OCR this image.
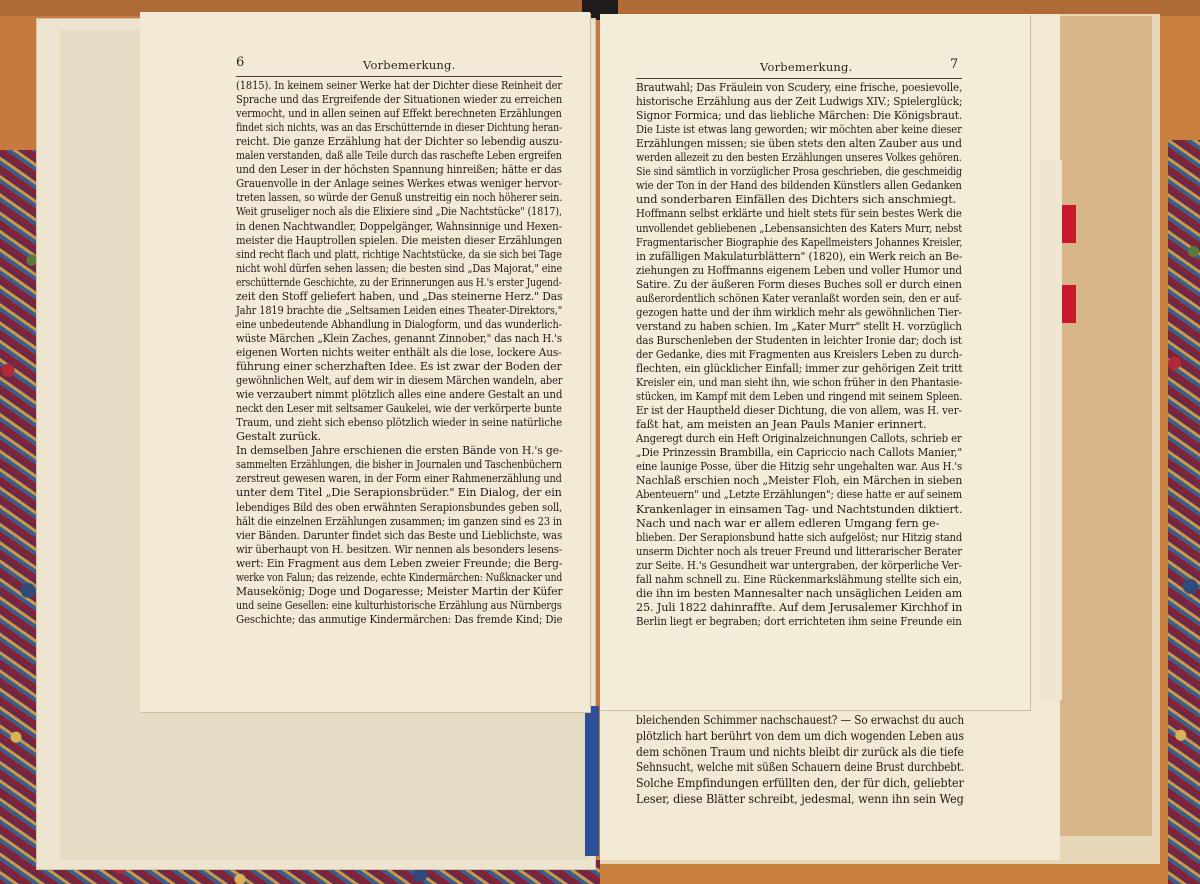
6	Vorbemerkung.
(1815). In keinem seiner Werke hat der Dichter diese Reinheit der
Sprache und das Ergreifende der Situationen wieder zu erreichen
vermocht, und in allen seinen auf Effekt berechneten Erzählungen
findet sich nichts, was an das Erschütternde in dieser Dichtung heran-
reicht. Die ganze Erzählung hat der Dichter so lebendig auszu-
malen verstanden, daß alle Teile durch das raschefte Leben ergreifen
und den Leser in der höchsten Spannung hinreißen; hätte er das
Grauenvolle in der Anlage seines Werkes etwas weniger hervor-
treten lassen, so würde der Genuß unstreitig ein noch höherer sein.
Weit gruseliger noch als die Elixiere sind „Die Nachtstücke" (1817),
in denen Nachtwandler, Doppelgänger, Wahnsinnige und Hexen-
meister die Hauptrollen spielen. Die meisten dieser Erzählungen
sind recht flach und platt, richtige Nachtstücke, da sie sich bei Tage
nicht wohl dürfen sehen lassen; die besten sind „Das Majorat," eine
erschütternde Geschichte, zu der Erinnerungen aus H.'s erster Jugend-
zeit den Stoff geliefert haben, und „Das steinerne Herz." Das
Jahr 1819 brachte die „Seltsamen Leiden eines Theater-Direktors,"
eine unbedeutende Abhandlung in Dialogform, und das wunderlich-
wüste Märchen „Klein Zaches, genannt Zinnober," das nach H.'s
eigenen Worten nichts weiter enthält als die lose, lockere Aus-
führung einer scherzhaften Idee. Es ist zwar der Boden der
gewöhnlichen Welt, auf dem wir in diesem Märchen wandeln, aber
wie verzaubert nimmt plötzlich alles eine andere Gestalt an und
neckt den Leser mit seltsamer Gaukelei, wie der verkörperte bunte
Traum, und zieht sich ebenso plötzlich wieder in seine natürliche
Gestalt zurück.
In demselben Jahre erschienen die ersten Bände von H.'s ge-
sammelten Erzählungen, die bisher in Journalen und Taschenbüchern
zerstreut gewesen waren, in der Form einer Rahmenerzählung und
unter dem Titel „Die Serapionsbrüder." Ein Dialog, der ein
lebendiges Bild des oben erwähnten Serapionsbundes geben soll,
hält die einzelnen Erzählungen zusammen; im ganzen sind es 23 in
vier Bänden. Darunter findet sich das Beste und Lieblichste, was
wir überhaupt von H. besitzen. Wir nennen als besonders lesens-
wert: Ein Fragment aus dem Leben zweier Freunde; die Berg-
werke von Falun; das reizende, echte Kindermärchen: Nußknacker und
Mausekönig; Doge und Dogaresse; Meister Martin der Küfer
und seine Gesellen: eine kulturhistorische Erzählung aus Nürnbergs
Geschichte; das anmutige Kindermärchen: Das fremde Kind; Die
Vorbemerkung.	7
Brautwahl; Das Fräulein von Scudery, eine frische, poesievolle,
historische Erzählung aus der Zeit Ludwigs XIV.; Spielerglück;
Signor Formica; und das liebliche Märchen: Die Königsbraut.
Die Liste ist etwas lang geworden; wir möchten aber keine dieser
Erzählungen missen; sie üben stets den alten Zauber aus und
werden allezeit zu den besten Erzählungen unseres Volkes gehören.
Sie sind sämtlich in vorzüglicher Prosa geschrieben, die geschmeidig
wie der Ton in der Hand des bildenden Künstlers allen Gedanken
und sonderbaren Einfällen des Dichters sich anschmiegt.
Hoffmann selbst erklärte und hielt stets für sein bestes Werk die
unvollendet gebliebenen „Lebensansichten des Katers Murr, nebst
Fragmentarischer Biographie des Kapellmeisters Johannes Kreisler,
in zufälligen Makulaturblättern" (1820), ein Werk reich an Be-
ziehungen zu Hoffmanns eigenem Leben und voller Humor und
Satire. Zu der äußeren Form dieses Buches soll er durch einen
außerordentlich schönen Kater veranlaßt worden sein, den er auf-
gezogen hatte und der ihm wirklich mehr als gewöhnlichen Tier-
verstand zu haben schien. Im „Kater Murr" stellt H. vorzüglich
das Burschenleben der Studenten in leichter Ironie dar; doch ist
der Gedanke, dies mit Fragmenten aus Kreislers Leben zu durch-
flechten, ein glücklicher Einfall; immer zur gehörigen Zeit tritt
Kreisler ein, und man sieht ihn, wie schon früher in den Phantasie-
stücken, im Kampf mit dem Leben und ringend mit seinem Spleen.
Er ist der Hauptheld dieser Dichtung, die von allem, was H. ver-
faßt hat, am meisten an Jean Pauls Manier erinnert.
Angeregt durch ein Heft Originalzeichnungen Callots, schrieb er
„Die Prinzessin Brambilla, ein Capriccio nach Callots Manier,"
eine launige Posse, über die Hitzig sehr ungehalten war. Aus H.'s
Nachlaß erschien noch „Meister Floh, ein Märchen in sieben
Abenteuern" und „Letzte Erzählungen"; diese hatte er auf seinem
Krankenlager in einsamen Tag- und Nachtstunden diktiert.
Nach und nach war er allem edleren Umgang fern ge-
blieben. Der Serapionsbund hatte sich aufgelöst; nur Hitzig stand
unserm Dichter noch als treuer Freund und litterarischer Berater
zur Seite. H.'s Gesundheit war untergraben, der körperliche Ver-
fall nahm schnell zu. Eine Rückenmarkslähmung stellte sich ein,
die ihn im besten Mannesalter nach unsäglichen Leiden am
25. Juli 1822 dahinraffte. Auf dem Jerusalemer Kirchhof in
Berlin liegt er begraben; dort errichteten ihm seine Freunde ein
bleichenden Schimmer nachschauest? — So erwachst du auch
plötzlich hart berührt von dem um dich wogenden Leben aus
dem schönen Traum und nichts bleibt dir zurück als die tiefe
Sehnsucht, welche mit süßen Schauern deine Brust durchbebt.
Solche Empfindungen erfüllten den, der für dich, geliebter
Leser, diese Blätter schreibt, jedesmal, wenn ihn sein Weg
